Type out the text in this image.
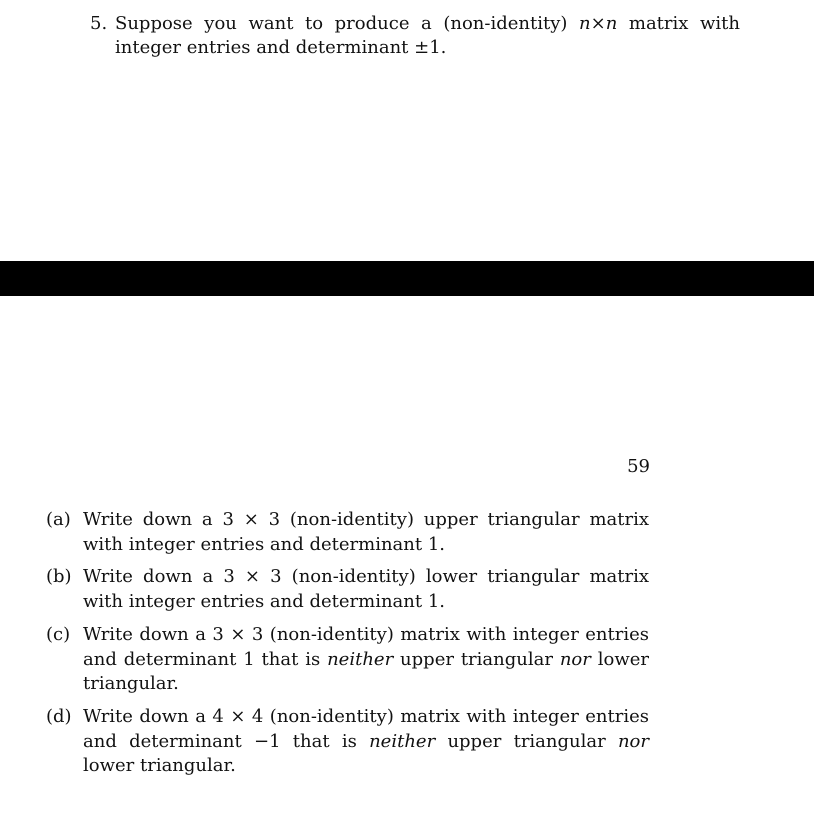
5. Suppose you want to produce a (non-identity) n×n matrix with integer entries and determinant ±1.
59
(a) Write down a 3 × 3 (non-identity) upper triangular matrix with integer entries and determinant 1.
(b) Write down a 3 × 3 (non-identity) lower triangular matrix with integer entries and determinant 1.
(c) Write down a 3 × 3 (non-identity) matrix with integer entries and determinant 1 that is neither upper triangular nor lower triangular.
(d) Write down a 4 × 4 (non-identity) matrix with integer entries and determinant −1 that is neither upper triangular nor lower triangular.
